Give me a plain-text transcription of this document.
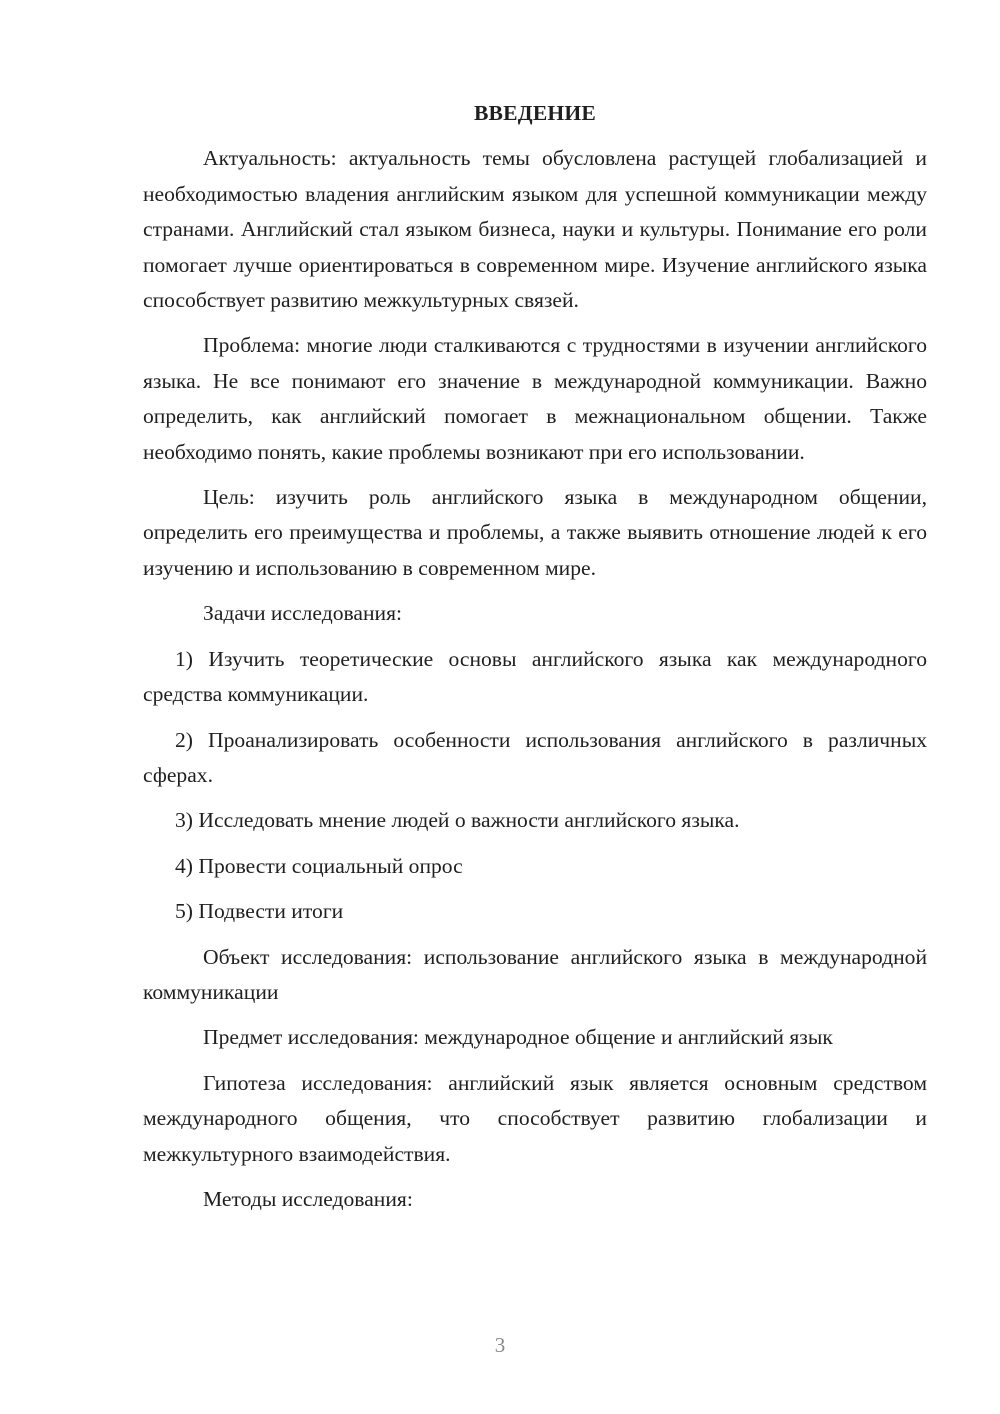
ВВЕДЕНИЕ

Актуальность: актуальность темы обусловлена растущей глобализацией и необходимостью владения английским языком для успешной коммуникации между странами. Английский стал языком бизнеса, науки и культуры. Понимание его роли помогает лучше ориентироваться в современном мире. Изучение английского языка способствует развитию межкультурных связей.

Проблема: многие люди сталкиваются с трудностями в изучении английского языка. Не все понимают его значение в международной коммуникации. Важно определить, как английский помогает в межнациональном общении. Также необходимо понять, какие проблемы возникают при его использовании.

Цель: изучить роль английского языка в международном общении, определить его преимущества и проблемы, а также выявить отношение людей к его изучению и использованию в современном мире.

Задачи исследования:

1) Изучить теоретические основы английского языка как международного средства коммуникации.

2) Проанализировать особенности использования английского в различных сферах.

3) Исследовать мнение людей о важности английского языка.

4) Провести социальный опрос

5) Подвести итоги

Объект исследования: использование английского языка в международной коммуникации

Предмет исследования: международное общение и английский язык

Гипотеза исследования: английский язык является основным средством международного общения, что способствует развитию глобализации и межкультурного взаимодействия.

Методы исследования:

3
